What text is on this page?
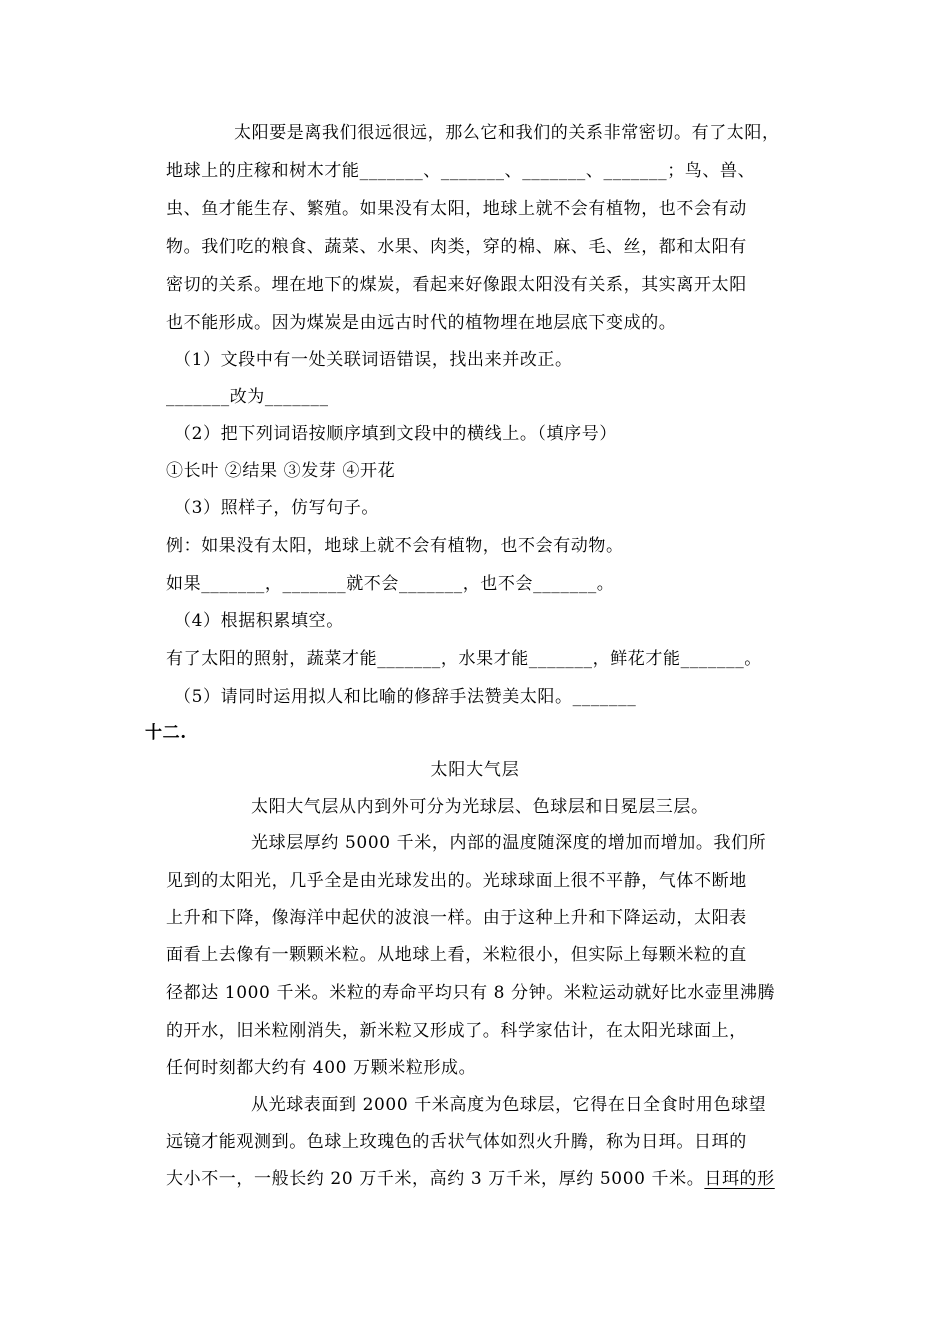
太阳要是离我们很远很远，那么它和我们的关系非常密切。有了太阳，
地球上的庄稼和树木才能_______、_______、_______、_______；鸟、兽、
虫、鱼才能生存、繁殖。如果没有太阳，地球上就不会有植物，也不会有动
物。我们吃的粮食、蔬菜、水果、肉类，穿的棉、麻、毛、丝，都和太阳有
密切的关系。埋在地下的煤炭，看起来好像跟太阳没有关系，其实离开太阳
也不能形成。因为煤炭是由远古时代的植物埋在地层底下变成的。
（1）文段中有一处关联词语错误，找出来并改正。
_______改为_______
（2）把下列词语按顺序填到文段中的横线上。（填序号）
①长叶 ②结果 ③发芽 ④开花
（3）照样子，仿写句子。
例：如果没有太阳，地球上就不会有植物，也不会有动物。
如果_______，_______就不会_______，也不会_______。
（4）根据积累填空。
有了太阳的照射，蔬菜才能_______，水果才能_______，鲜花才能_______。
（5）请同时运用拟人和比喻的修辞手法赞美太阳。_______
十二.
太阳大气层
太阳大气层从内到外可分为光球层、色球层和日冕层三层。
光球层厚约 5000 千米，内部的温度随深度的增加而增加。我们所
见到的太阳光，几乎全是由光球发出的。光球球面上很不平静，气体不断地
上升和下降，像海洋中起伏的波浪一样。由于这种上升和下降运动，太阳表
面看上去像有一颗颗米粒。从地球上看，米粒很小，但实际上每颗米粒的直
径都达 1000 千米。米粒的寿命平均只有 8 分钟。米粒运动就好比水壶里沸腾
的开水，旧米粒刚消失，新米粒又形成了。科学家估计，在太阳光球面上，
任何时刻都大约有 400 万颗米粒形成。
从光球表面到 2000 千米高度为色球层，它得在日全食时用色球望
远镜才能观测到。色球上玫瑰色的舌状气体如烈火升腾，称为日珥。日珥的
大小不一，一般长约 20 万千米，高约 3 万千米，厚约 5000 千米。日珥的形
